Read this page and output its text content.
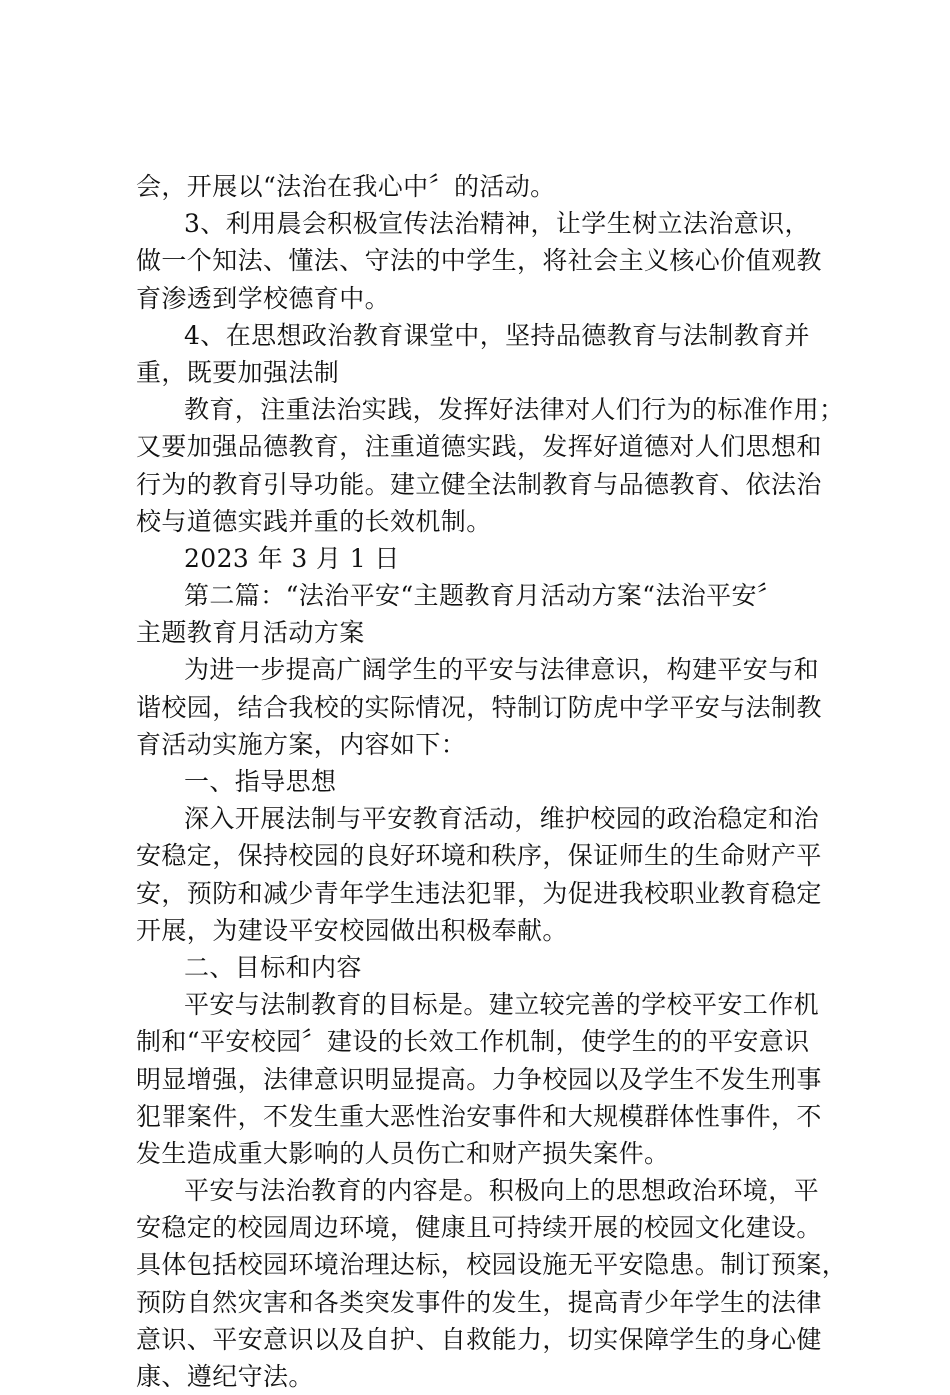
会，开展以“法治在我心中〞的活动。
3、利用晨会积极宣传法治精神，让学生树立法治意识，
做一个知法、懂法、守法的中学生，将社会主义核心价值观教
育渗透到学校德育中。
4、在思想政治教育课堂中，坚持品德教育与法制教育并
重，既要加强法制
教育，注重法治实践，发挥好法律对人们行为的标准作用；
又要加强品德教育，注重道德实践，发挥好道德对人们思想和
行为的教育引导功能。建立健全法制教育与品德教育、依法治
校与道德实践并重的长效机制。
2023 年 3 月 1 日
第二篇：“法治平安“主题教育月活动方案“法治平安〞
主题教育月活动方案
为进一步提高广阔学生的平安与法律意识，构建平安与和
谐校园，结合我校的实际情况，特制订防虎中学平安与法制教
育活动实施方案，内容如下：
一、指导思想
深入开展法制与平安教育活动，维护校园的政治稳定和治
安稳定，保持校园的良好环境和秩序，保证师生的生命财产平
安，预防和减少青年学生违法犯罪，为促进我校职业教育稳定
开展，为建设平安校园做出积极奉献。
二、目标和内容
平安与法制教育的目标是。建立较完善的学校平安工作机
制和“平安校园〞建设的长效工作机制，使学生的的平安意识
明显增强，法律意识明显提高。力争校园以及学生不发生刑事
犯罪案件，不发生重大恶性治安事件和大规模群体性事件，不
发生造成重大影响的人员伤亡和财产损失案件。
平安与法治教育的内容是。积极向上的思想政治环境，平
安稳定的校园周边环境，健康且可持续开展的校园文化建设。
具体包括校园环境治理达标，校园设施无平安隐患。制订预案，
预防自然灾害和各类突发事件的发生，提高青少年学生的法律
意识、平安意识以及自护、自救能力，切实保障学生的身心健
康、遵纪守法。
